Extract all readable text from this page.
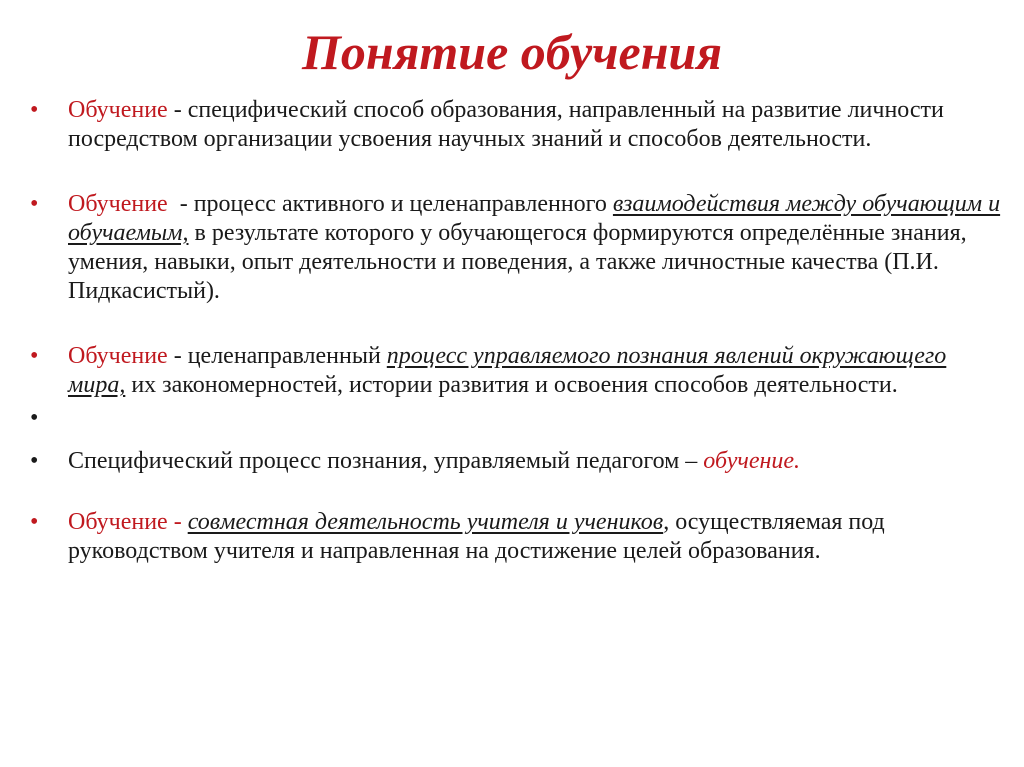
Понятие обучения
• Обучение - специфический способ образования, направленный на развитие личности посредством организации усвоения научных знаний и способов деятельности.
• Обучение  - процесс активного и целенаправленного взаимодействия между обучающим и обучаемым, в результате которого у обучающегося формируются определённые знания, умения, навыки, опыт деятельности и поведения, а также личностные качества (П.И. Пидкасистый).
• Обучение - целенаправленный процесс управляемого познания явлений окружающего мира, их закономерностей, истории развития и освоения способов деятельности.
•

• Специфический процесс познания, управляемый педагогом – обучение.
• Обучение - совместная деятельность учителя и учеников, осуществляемая под руководством учителя и направленная на достижение целей образования.
